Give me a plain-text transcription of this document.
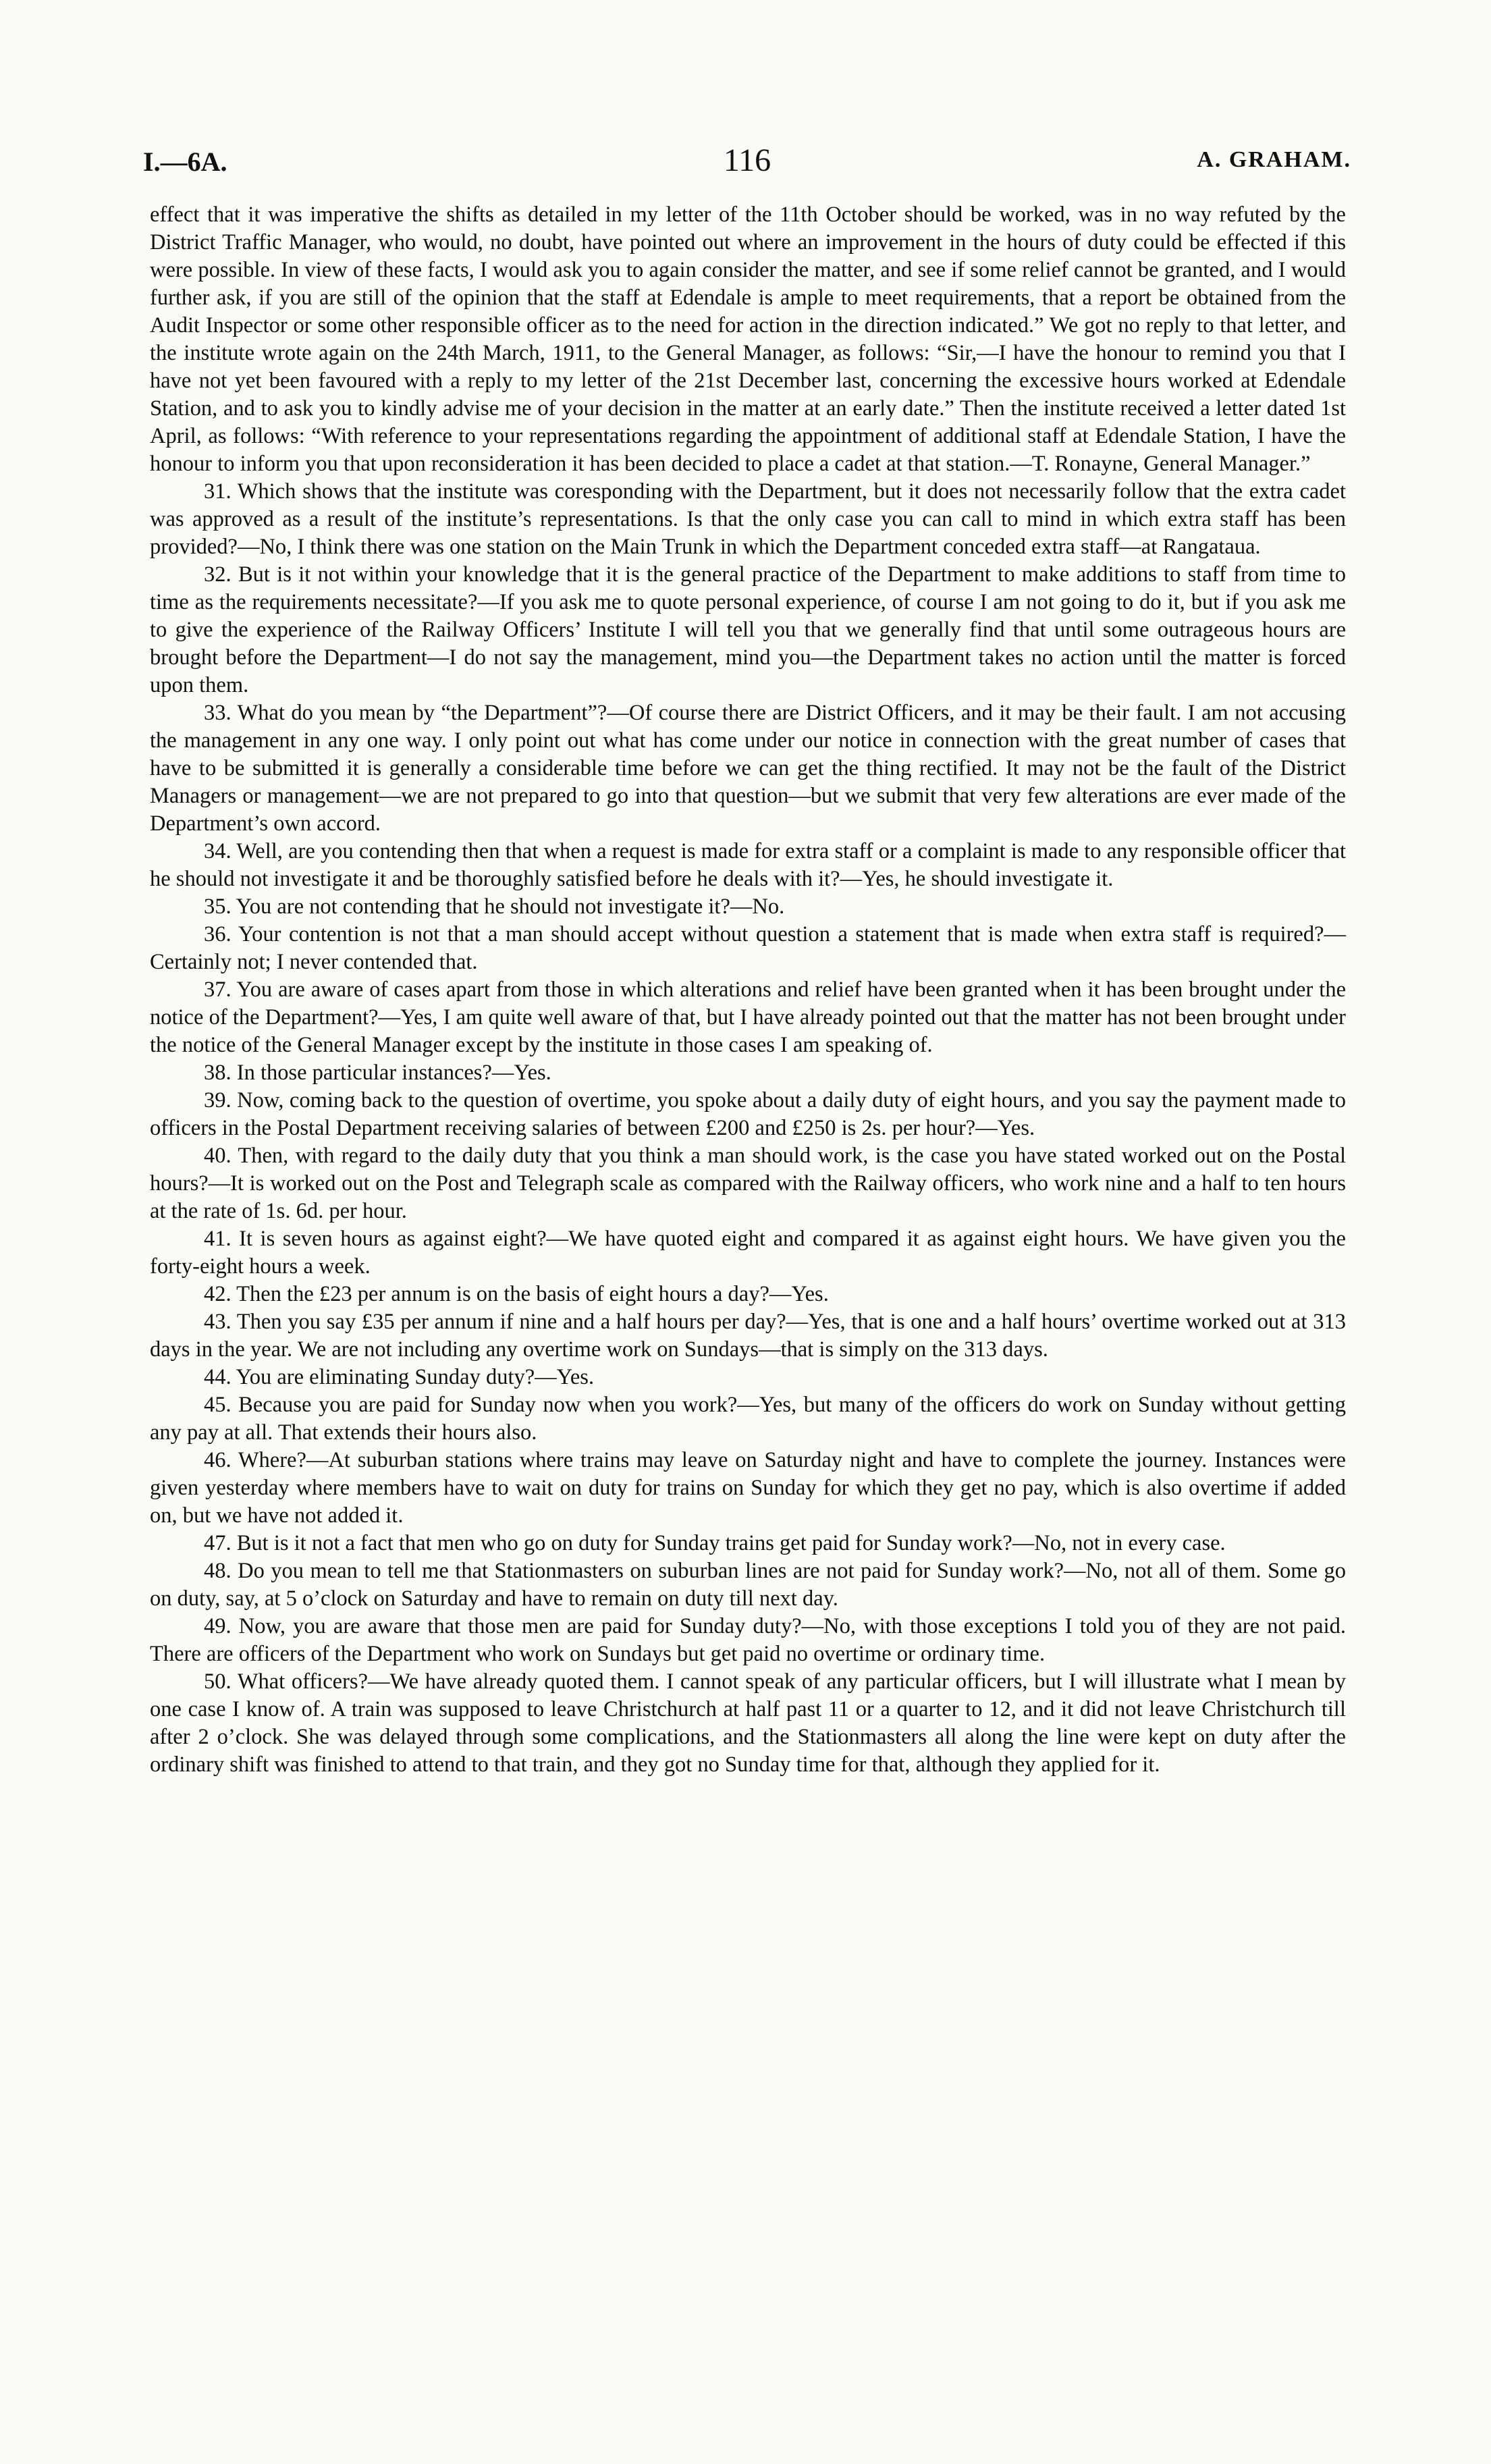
I.—6A.	116	A. GRAHAM.

effect that it was imperative the shifts as detailed in my letter of the 11th October should be worked, was in no way refuted by the District Traffic Manager, who would, no doubt, have pointed out where an improvement in the hours of duty could be effected if this were possible. In view of these facts, I would ask you to again consider the matter, and see if some relief cannot be granted, and I would further ask, if you are still of the opinion that the staff at Edendale is ample to meet requirements, that a report be obtained from the Audit Inspector or some other responsible officer as to the need for action in the direction indicated.” We got no reply to that letter, and the institute wrote again on the 24th March, 1911, to the General Manager, as follows: “Sir,—I have the honour to remind you that I have not yet been favoured with a reply to my letter of the 21st December last, concerning the excessive hours worked at Edendale Station, and to ask you to kindly advise me of your decision in the matter at an early date.” Then the institute received a letter dated 1st April, as follows: “With reference to your representations regarding the appointment of additional staff at Edendale Station, I have the honour to inform you that upon reconsideration it has been decided to place a cadet at that station.—T. Ronayne, General Manager.”

31. Which shows that the institute was coresponding with the Department, but it does not necessarily follow that the extra cadet was approved as a result of the institute’s representations. Is that the only case you can call to mind in which extra staff has been provided?—No, I think there was one station on the Main Trunk in which the Department conceded extra staff—at Rangataua.

32. But is it not within your knowledge that it is the general practice of the Department to make additions to staff from time to time as the requirements necessitate?—If you ask me to quote personal experience, of course I am not going to do it, but if you ask me to give the experience of the Railway Officers’ Institute I will tell you that we generally find that until some outrageous hours are brought before the Department—I do not say the management, mind you—the Department takes no action until the matter is forced upon them.

33. What do you mean by “the Department”?—Of course there are District Officers, and it may be their fault. I am not accusing the management in any one way. I only point out what has come under our notice in connection with the great number of cases that have to be submitted it is generally a considerable time before we can get the thing rectified. It may not be the fault of the District Managers or management—we are not prepared to go into that question—but we submit that very few alterations are ever made of the Department’s own accord.

34. Well, are you contending then that when a request is made for extra staff or a complaint is made to any responsible officer that he should not investigate it and be thoroughly satisfied before he deals with it?—Yes, he should investigate it.

35. You are not contending that he should not investigate it?—No.

36. Your contention is not that a man should accept without question a statement that is made when extra staff is required?—Certainly not; I never contended that.

37. You are aware of cases apart from those in which alterations and relief have been granted when it has been brought under the notice of the Department?—Yes, I am quite well aware of that, but I have already pointed out that the matter has not been brought under the notice of the General Manager except by the institute in those cases I am speaking of.

38. In those particular instances?—Yes.

39. Now, coming back to the question of overtime, you spoke about a daily duty of eight hours, and you say the payment made to officers in the Postal Department receiving salaries of between £200 and £250 is 2s. per hour?—Yes.

40. Then, with regard to the daily duty that you think a man should work, is the case you have stated worked out on the Postal hours?—It is worked out on the Post and Telegraph scale as compared with the Railway officers, who work nine and a half to ten hours at the rate of 1s. 6d. per hour.

41. It is seven hours as against eight?—We have quoted eight and compared it as against eight hours. We have given you the forty-eight hours a week.

42. Then the £23 per annum is on the basis of eight hours a day?—Yes.

43. Then you say £35 per annum if nine and a half hours per day?—Yes, that is one and a half hours’ overtime worked out at 313 days in the year. We are not including any overtime work on Sundays—that is simply on the 313 days.

44. You are eliminating Sunday duty?—Yes.

45. Because you are paid for Sunday now when you work?—Yes, but many of the officers do work on Sunday without getting any pay at all. That extends their hours also.

46. Where?—At suburban stations where trains may leave on Saturday night and have to complete the journey. Instances were given yesterday where members have to wait on duty for trains on Sunday for which they get no pay, which is also overtime if added on, but we have not added it.

47. But is it not a fact that men who go on duty for Sunday trains get paid for Sunday work?—No, not in every case.

48. Do you mean to tell me that Stationmasters on suburban lines are not paid for Sunday work?—No, not all of them. Some go on duty, say, at 5 o’clock on Saturday and have to remain on duty till next day.

49. Now, you are aware that those men are paid for Sunday duty?—No, with those exceptions I told you of they are not paid. There are officers of the Department who work on Sundays but get paid no overtime or ordinary time.

50. What officers?—We have already quoted them. I cannot speak of any particular officers, but I will illustrate what I mean by one case I know of. A train was supposed to leave Christchurch at half past 11 or a quarter to 12, and it did not leave Christchurch till after 2 o’clock. She was delayed through some complications, and the Stationmasters all along the line were kept on duty after the ordinary shift was finished to attend to that train, and they got no Sunday time for that, although they applied for it.
